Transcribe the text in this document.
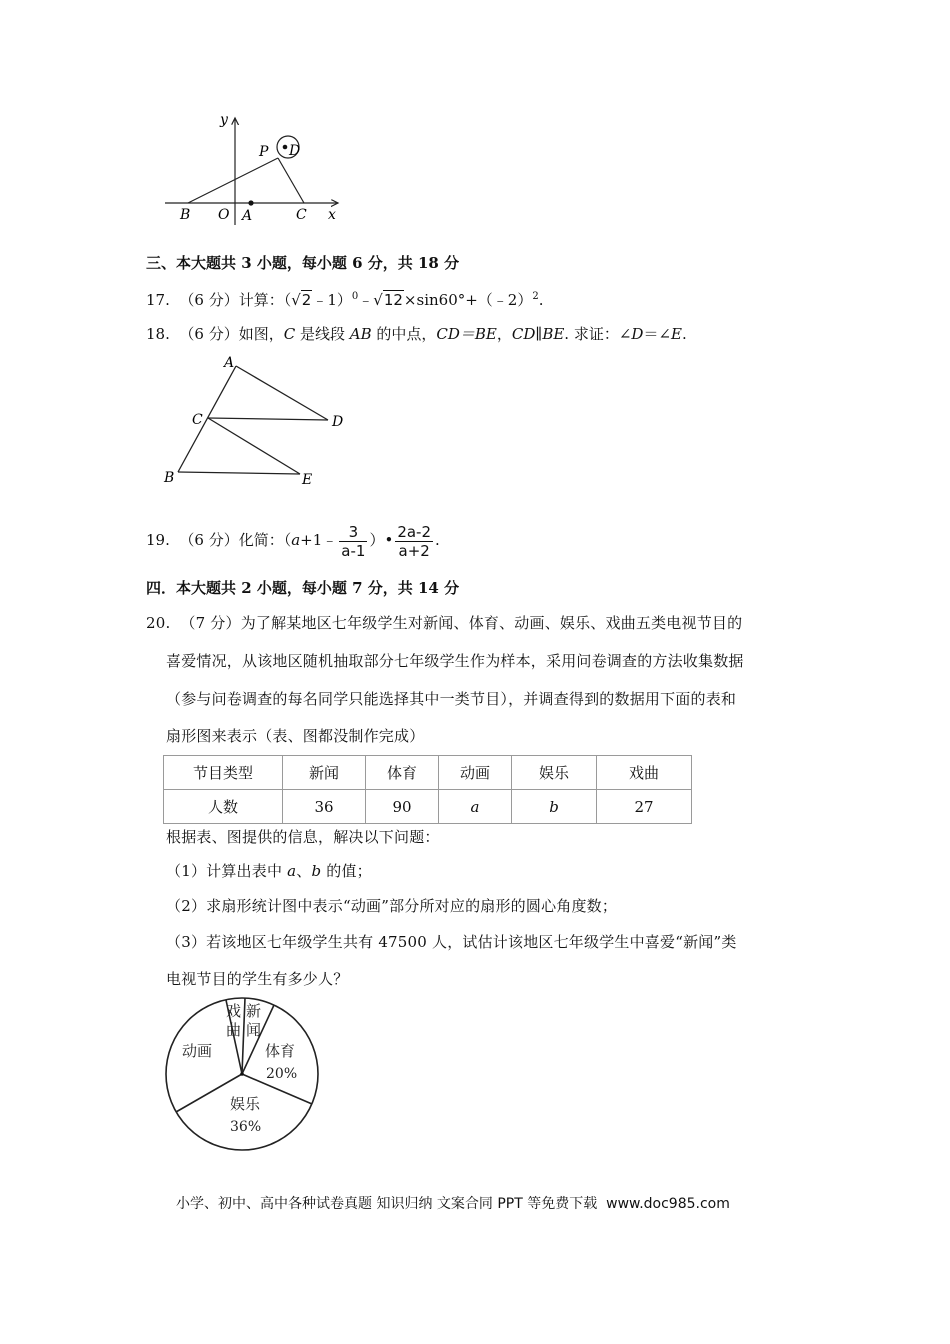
y
x
P D
B O A	C
三、本大题共 3 小题，每小题 6 分，共 18 分
17.  （6 分）计算：（√2﹣1）$^0$﹣√12×sin60°+（﹣2）$^2$.
18.  （6 分）如图，C 是线段 AB 的中点，CD＝BE，CD∥BE. 求证：∠D＝∠E.
A
C	D
B	E
19.  （6 分）化简：（a+1﹣ $\frac{3}{a-1}$ ）• $\frac{2a-2}{a+2}$ .
四．本大题共 2 小题，每小题 7 分，共 14 分
20.  （7 分）为了解某地区七年级学生对新闻、体育、动画、娱乐、戏曲五类电视节目的
喜爱情况，从该地区随机抽取部分七年级学生作为样本，采用问卷调查的方法收集数据
（参与问卷调查的每名同学只能选择其中一类节目），并调查得到的数据用下面的表和
扇形图来表示（表、图都没制作完成）
节目类型	新闻	体育	动画	娱乐	戏曲
人数	36	90	a	b	27
根据表、图提供的信息，解决以下问题：
（1）计算出表中 a、b 的值；
（2）求扇形统计图中表示“动画”部分所对应的扇形的圆心角度数；
（3）若该地区七年级学生共有 47500 人，试估计该地区七年级学生中喜爱“新闻”类
电视节目的学生有多少人？
戏
曲
新
闻
动画	体育
20%
娱乐
36%
小学、初中、高中各种试卷真题 知识归纳 文案合同 PPT 等免费下载  www.doc985.com
